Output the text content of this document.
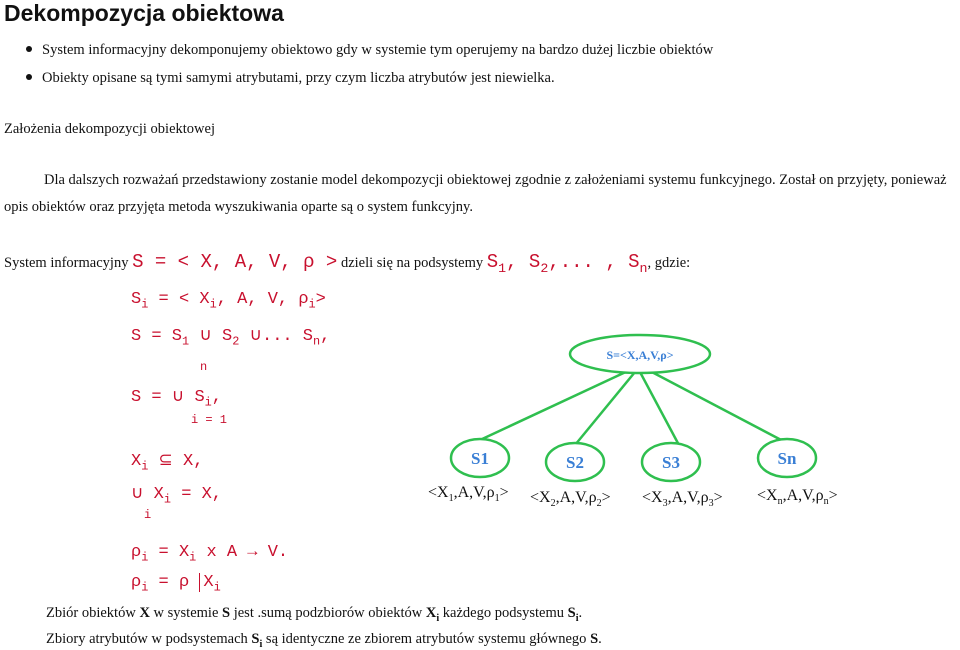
Dekompozycja obiektowa
System informacyjny dekomponujemy obiektowo gdy w systemie tym operujemy na bardzo dużej liczbie obiektów
Obiekty opisane są tymi samymi atrybutami, przy czym liczba atrybutów jest niewielka.
Założenia dekompozycji obiektowej
Dla dalszych rozważań przedstawiony zostanie model dekompozycji obiektowej zgodnie z założeniami systemu funkcyjnego. Został on przyjęty, ponieważ
opis obiektów oraz przyjęta metoda wyszukiwania oparte są o system funkcyjny.
System informacyjny S = < X, A, V, ρ > dzieli się na podsystemy $S_1$, $S_2$,... , $S_n$, gdzie:
$S_i$ = < $X_i$, A, V, $\rho_i>$
$S = S_1$ ∪ $S_2$ ∪... $S_n$,
n
S = ∪ $S_i$,
i = 1
$X_i$ ⊆ X,
∪ $X_i = X$,
i
$\rho_i = X_i$ x A → V.
$\rho_i = \rho$ $X_i$
Zbiór obiektów X w systemie S jest .sumą podzbiorów obiektów $X_i$ każdego podsystemu $S_i$.
Zbiory atrybutów w podsystemach $S_i$ są identyczne ze zbiorem atrybutów systemu głównego S.
S=<X,A,V,ρ>
S1	S2	S3	Sn
$<X_1,A,V,\rho_1> <X_2,A,V,\rho_2> <X_3,A,V,\rho_3> <X_n,A,V,\rho_n>$
